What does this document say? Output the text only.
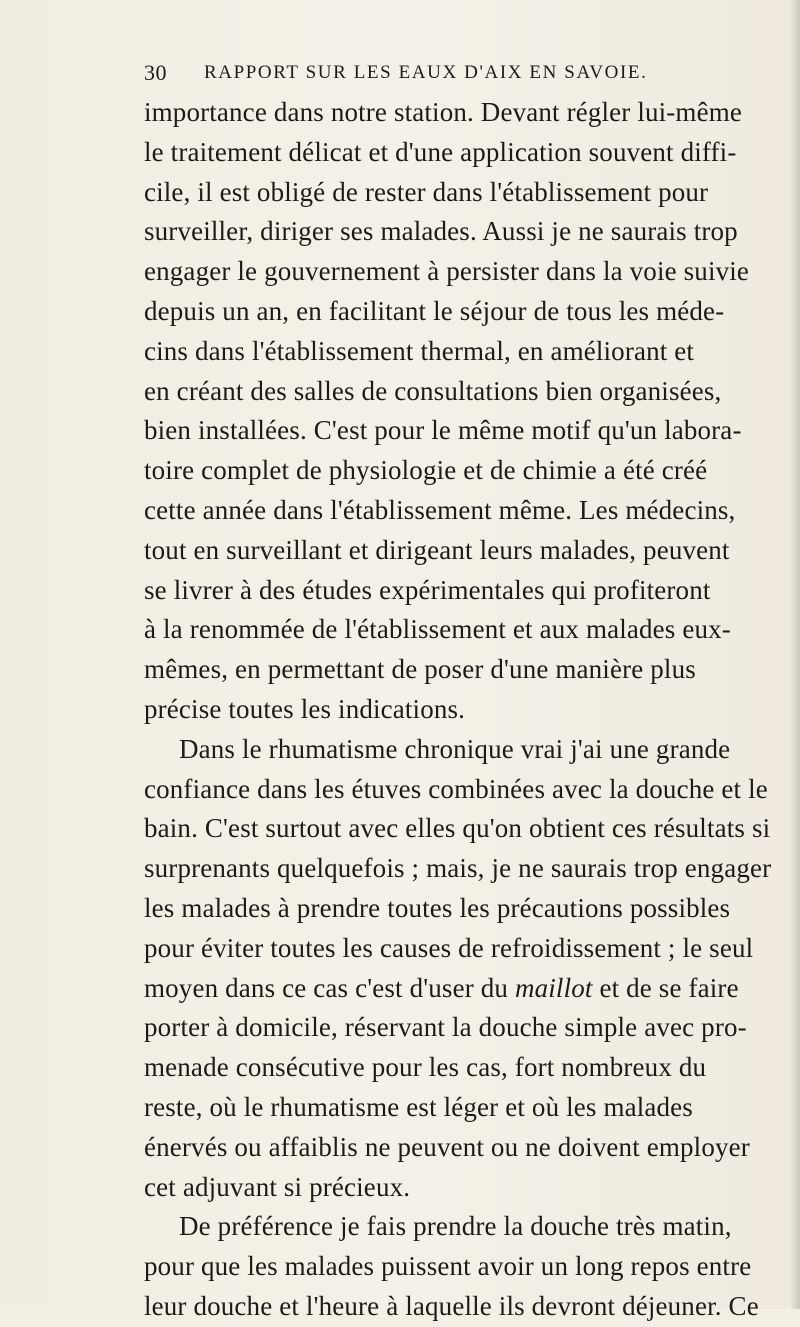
30 RAPPORT SUR LES EAUX D'AIX EN SAVOIE.
importance dans notre station. Devant régler lui-même
le traitement délicat et d'une application souvent diffi-
cile, il est obligé de rester dans l'établissement pour
surveiller, diriger ses malades. Aussi je ne saurais trop
engager le gouvernement à persister dans la voie suivie
depuis un an, en facilitant le séjour de tous les méde-
cins dans l'établissement thermal, en améliorant et
en créant des salles de consultations bien organisées,
bien installées. C'est pour le même motif qu'un labora-
toire complet de physiologie et de chimie a été créé
cette année dans l'établissement même. Les médecins,
tout en surveillant et dirigeant leurs malades, peuvent
se livrer à des études expérimentales qui profiteront
à la renommée de l'établissement et aux malades eux-
mêmes, en permettant de poser d'une manière plus
précise toutes les indications.
Dans le rhumatisme chronique vrai j'ai une grande
confiance dans les étuves combinées avec la douche et le
bain. C'est surtout avec elles qu'on obtient ces résultats si
surprenants quelquefois ; mais, je ne saurais trop engager
les malades à prendre toutes les précautions possibles
pour éviter toutes les causes de refroidissement ; le seul
moyen dans ce cas c'est d'user du maillot et de se faire
porter à domicile, réservant la douche simple avec pro-
menade consécutive pour les cas, fort nombreux du
reste, où le rhumatisme est léger et où les malades
énervés ou affaiblis ne peuvent ou ne doivent employer
cet adjuvant si précieux.
De préférence je fais prendre la douche très matin,
pour que les malades puissent avoir un long repos entre
leur douche et l'heure à laquelle ils devront déjeuner. Ce
